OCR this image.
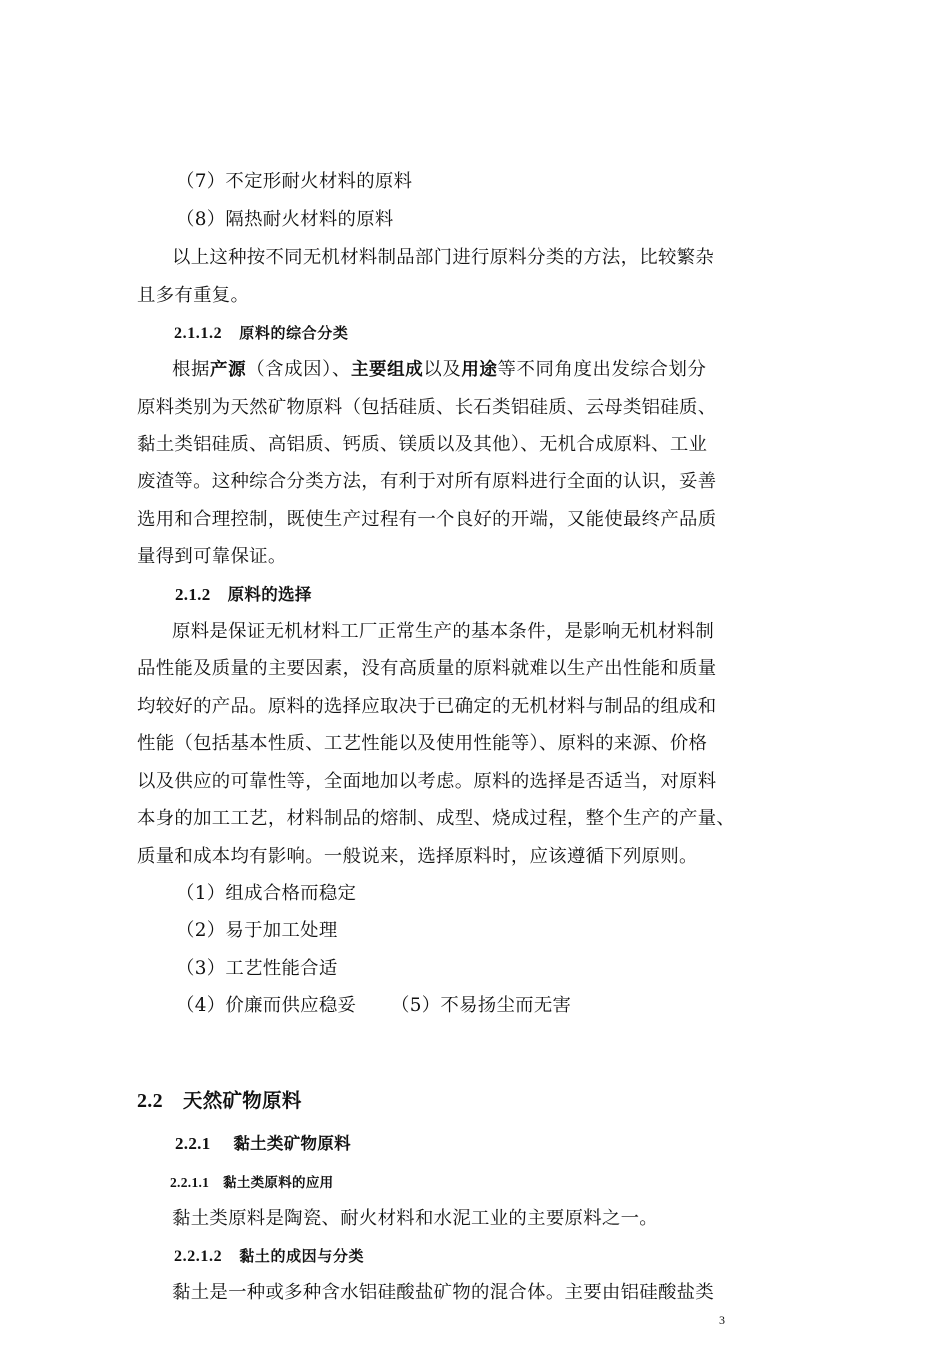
（7）不定形耐火材料的原料
（8）隔热耐火材料的原料
以上这种按不同无机材料制品部门进行原料分类的方法，比较繁杂
且多有重复。
2.1.1.2 原料的综合分类
根据产源（含成因）、主要组成以及用途等不同角度出发综合划分
原料类别为天然矿物原料（包括硅质、长石类铝硅质、云母类铝硅质、
黏土类铝硅质、高铝质、钙质、镁质以及其他）、无机合成原料、工业
废渣等。这种综合分类方法，有利于对所有原料进行全面的认识，妥善
选用和合理控制，既使生产过程有一个良好的开端，又能使最终产品质
量得到可靠保证。
2.1.2 原料的选择
原料是保证无机材料工厂正常生产的基本条件，是影响无机材料制
品性能及质量的主要因素，没有高质量的原料就难以生产出性能和质量
均较好的产品。原料的选择应取决于已确定的无机材料与制品的组成和
性能（包括基本性质、工艺性能以及使用性能等）、原料的来源、价格
以及供应的可靠性等，全面地加以考虑。原料的选择是否适当，对原料
本身的加工工艺，材料制品的熔制、成型、烧成过程，整个生产的产量、
质量和成本均有影响。一般说来，选择原料时，应该遵循下列原则。
（1）组成合格而稳定
（2）易于加工处理
（3）工艺性能合适
（4）价廉而供应稳妥 （5）不易扬尘而无害
2.2 天然矿物原料
2.2.1 黏土类矿物原料
2.2.1.1 黏土类原料的应用
黏土类原料是陶瓷、耐火材料和水泥工业的主要原料之一。
2.2.1.2 黏土的成因与分类
黏土是一种或多种含水铝硅酸盐矿物的混合体。主要由铝硅酸盐类
3
